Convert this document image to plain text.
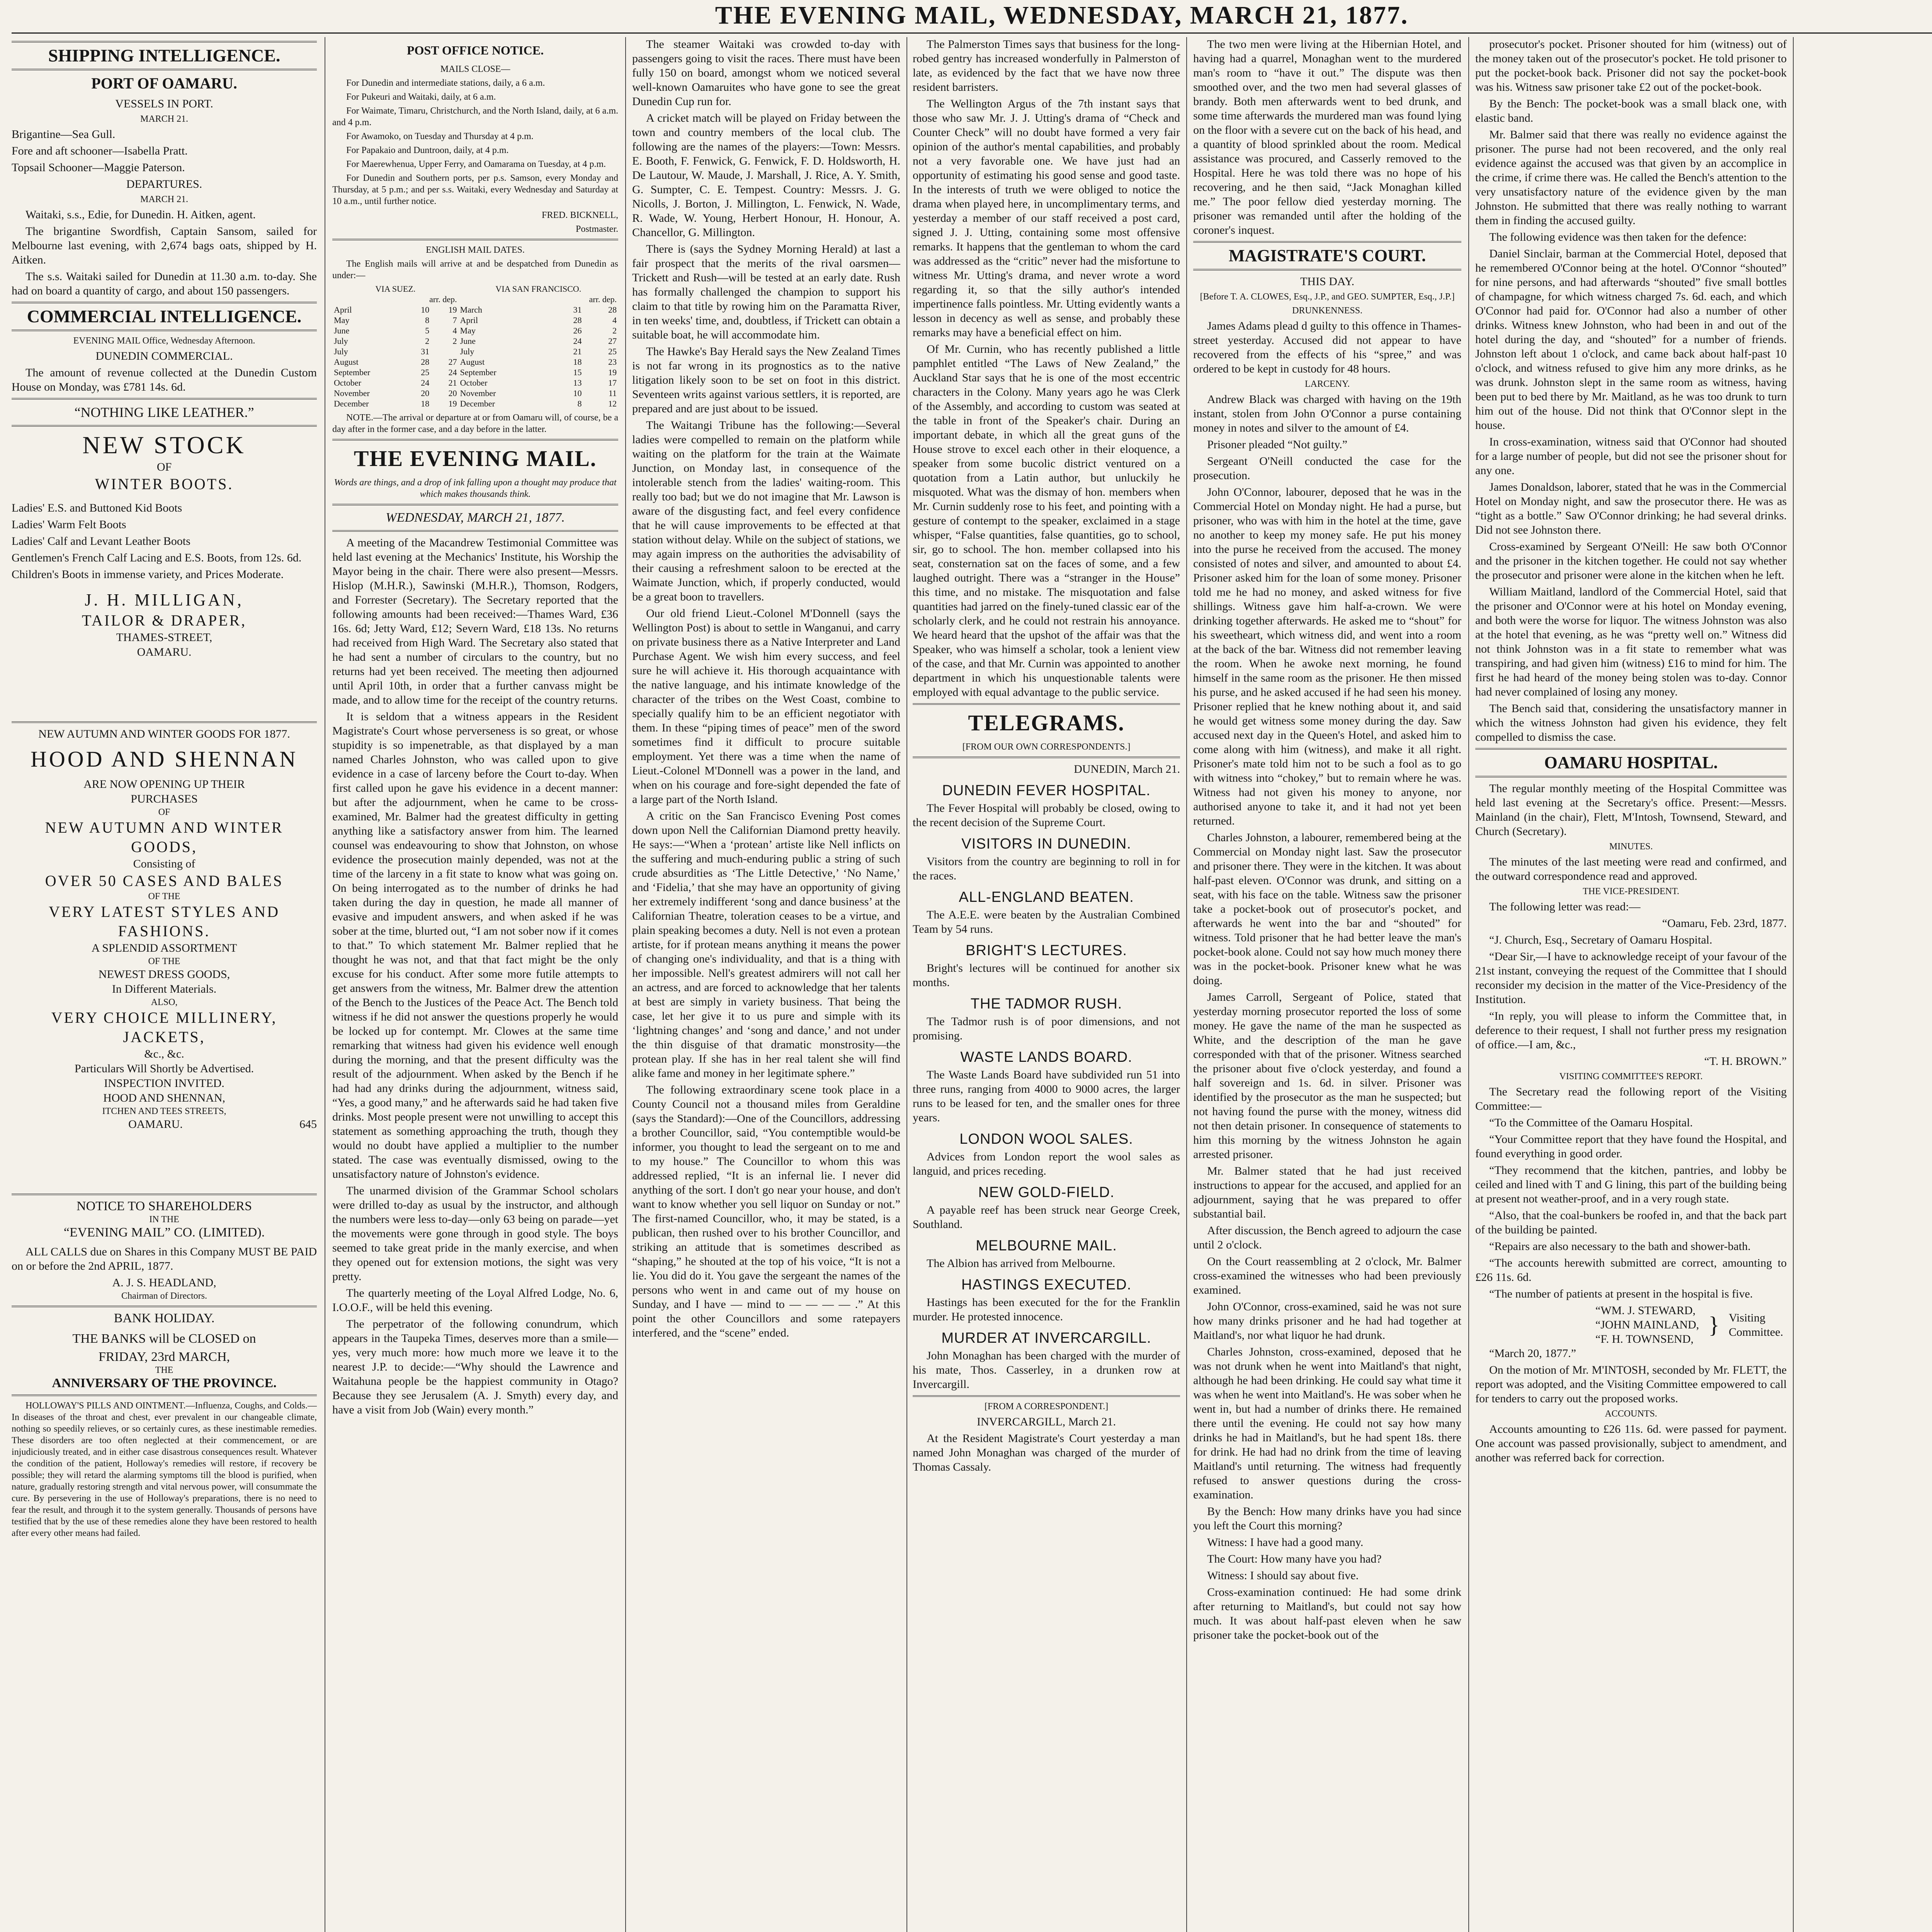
THE EVENING MAIL, WEDNESDAY, MARCH 21, 1877.
SHIPPING INTELLIGENCE.
PORT OF OAMARU.

VESSELS IN PORT.

MARCH 21.

Brigantine—Sea Gull.

Fore and aft schooner—Isabella Pratt.

Topsail Schooner—Maggie Paterson.

DEPARTURES.

MARCH 21.

Waitaki, s.s., Edie, for Dunedin. H. Aitken, agent.

The brigantine Swordfish, Captain Sansom, sailed for Melbourne last evening, with 2,674 bags oats, shipped by H. Aitken.

The s.s. Waitaki sailed for Dunedin at 11.30 a.m. to-day. She had on board a quantity of cargo, and about 150 passengers.

COMMERCIAL INTELLIGENCE.

EVENING MAIL Office, Wednesday Afternoon.

DUNEDIN COMMERCIAL.

The amount of revenue collected at the Dunedin Custom House on Monday, was £781 14s. 6d.

“NOTHING LIKE LEATHER.”

NEW STOCK
OF
WINTER BOOTS.

Ladies' E.S. and Buttoned Kid Boots

Ladies' Warm Felt Boots

Ladies' Calf and Levant Leather Boots

Gentlemen's French Calf Lacing and E.S. Boots, from 12s. 6d.

Children's Boots in immense variety, and Prices Moderate.

J. H. MILLIGAN,
TAILOR & DRAPER,
THAMES-STREET,
OAMARU.
NEW AUTUMN AND WINTER GOODS FOR 1877.
HOOD AND SHENNAN
ARE NOW OPENING UP THEIR
PURCHASES
OF
NEW AUTUMN AND WINTER GOODS,
Consisting of
OVER 50 CASES AND BALES
OF THE
VERY LATEST STYLES AND FASHIONS.
A SPLENDID ASSORTMENT
OF THE
NEWEST DRESS GOODS,
In Different Materials.
ALSO,
VERY CHOICE MILLINERY, JACKETS,
&c., &c.
Particulars Will Shortly be Advertised.
INSPECTION INVITED.
HOOD AND SHENNAN,
ITCHEN AND TEES STREETS,
OAMARU.	645
NOTICE TO SHAREHOLDERS
IN THE
“EVENING MAIL” CO. (LIMITED).

ALL CALLS due on Shares in this Company MUST BE PAID on or before the 2nd APRIL, 1877.

A. J. S. HEADLAND,
Chairman of Directors.
BANK HOLIDAY.

THE BANKS will be CLOSED on

FRIDAY, 23rd MARCH,
THE
ANNIVERSARY OF THE PROVINCE.

HOLLOWAY'S PILLS AND OINTMENT.—Influenza, Coughs, and Colds.—In diseases of the throat and chest, ever prevalent in our changeable climate, nothing so speedily relieves, or so certainly cures, as these inestimable remedies. These disorders are too often neglected at their commencement, or are injudiciously treated, and in either case disastrous consequences result. Whatever the condition of the patient, Holloway's remedies will restore, if recovery be possible; they will retard the alarming symptoms till the blood is purified, when nature, gradually restoring strength and vital nervous power, will consummate the cure. By persevering in the use of Holloway's preparations, there is no need to fear the result, and through it to the system generally. Thousands of persons have testified that by the use of these remedies alone they have been restored to health after every other means had failed.

POST OFFICE NOTICE.

MAILS CLOSE—

For Dunedin and intermediate stations, daily, a 6 a.m.

For Pukeuri and Waitaki, daily, at 6 a.m.

For Waimate, Timaru, Christchurch, and the North Island, daily, at 6 a.m. and 4 p.m.

For Awamoko, on Tuesday and Thursday at 4 p.m.

For Papakaio and Duntroon, daily, at 4 p.m.

For Maerewhenua, Upper Ferry, and Oamarama on Tuesday, at 4 p.m.

For Dunedin and Southern ports, per p.s. Samson, every Monday and Thursday, at 5 p.m.; and per s.s. Waitaki, every Wednesday and Saturday at 10 a.m., until further notice.

FRED. BICKNELL,

Postmaster.

ENGLISH MAIL DATES.

The English mails will arrive at and be despatched from Dunedin as under:—

VIA SUEZ.			VIA SAN FRANCISCO.		
	arr. dep.			arr. dep.	
April	10	19	March	31	28
May	8	7	April	28	4
June	5	4	May	26	2
July	2	2	June	24	27
July	31		July	21	25
August	28	27	August	18	23
September	25	24	September	15	19
October	24	21	October	13	17
November	20	20	November	10	11
December	18	19	December	8	12

NOTE.—The arrival or departure at or from Oamaru will, of course, be a day after in the former case, and a day before in the latter.

THE EVENING MAIL.

Words are things, and a drop of ink falling upon a thought may produce that which makes thousands think.

WEDNESDAY, MARCH 21, 1877.

A meeting of the Macandrew Testimonial Committee was held last evening at the Mechanics' Institute, his Worship the Mayor being in the chair. There were also present—Messrs. Hislop (M.H.R.), Sawinski (M.H.R.), Thomson, Rodgers, and Forrester (Secretary). The Secretary reported that the following amounts had been received:—Thames Ward, £36 16s. 6d; Jetty Ward, £12; Severn Ward, £18 13s. No returns had received from High Ward. The Secretary also stated that he had sent a number of circulars to the country, but no returns had yet been received. The meeting then adjourned until April 10th, in order that a further canvass might be made, and to allow time for the receipt of the country returns.

It is seldom that a witness appears in the Resident Magistrate's Court whose perverseness is so great, or whose stupidity is so impenetrable, as that displayed by a man named Charles Johnston, who was called upon to give evidence in a case of larceny before the Court to-day. When first called upon he gave his evidence in a decent manner: but after the adjournment, when he came to be cross-examined, Mr. Balmer had the greatest difficulty in getting anything like a satisfactory answer from him. The learned counsel was endeavouring to show that Johnston, on whose evidence the prosecution mainly depended, was not at the time of the larceny in a fit state to know what was going on. On being interrogated as to the number of drinks he had taken during the day in question, he made all manner of evasive and impudent answers, and when asked if he was sober at the time, blurted out, “I am not sober now if it comes to that.” To which statement Mr. Balmer replied that he thought he was not, and that that fact might be the only excuse for his conduct. After some more futile attempts to get answers from the witness, Mr. Balmer drew the attention of the Bench to the Justices of the Peace Act. The Bench told witness if he did not answer the questions properly he would be locked up for contempt. Mr. Clowes at the same time remarking that witness had given his evidence well enough during the morning, and that the present difficulty was the result of the adjournment. When asked by the Bench if he had had any drinks during the adjournment, witness said, “Yes, a good many,” and he afterwards said he had taken five drinks. Most people present were not unwilling to accept this statement as something approaching the truth, though they would no doubt have applied a multiplier to the number stated. The case was eventually dismissed, owing to the unsatisfactory nature of Johnston's evidence.

The unarmed division of the Grammar School scholars were drilled to-day as usual by the instructor, and although the numbers were less to-day—only 63 being on parade—yet the movements were gone through in good style. The boys seemed to take great pride in the manly exercise, and when they opened out for extension motions, the sight was very pretty.

The quarterly meeting of the Loyal Alfred Lodge, No. 6, I.O.O.F., will be held this evening.

The perpetrator of the following conundrum, which appears in the Taupeka Times, deserves more than a smile—yes, very much more: how much more we leave it to the nearest J.P. to decide:—“Why should the Lawrence and Waitahuna people be the happiest community in Otago? Because they see Jerusalem (A. J. Smyth) every day, and have a visit from Job (Wain) every month.”

The steamer Waitaki was crowded to-day with passengers going to visit the races. There must have been fully 150 on board, amongst whom we noticed several well-known Oamaruites who have gone to see the great Dunedin Cup run for.

A cricket match will be played on Friday between the town and country members of the local club. The following are the names of the players:—Town: Messrs. E. Booth, F. Fenwick, G. Fenwick, F. D. Holdsworth, H. De Lautour, W. Maude, J. Marshall, J. Rice, A. Y. Smith, G. Sumpter, C. E. Tempest. Country: Messrs. J. G. Nicolls, J. Borton, J. Millington, L. Fenwick, N. Wade, R. Wade, W. Young, Herbert Honour, H. Honour, A. Chancellor, G. Millington.

There is (says the Sydney Morning Herald) at last a fair prospect that the merits of the rival oarsmen—Trickett and Rush—will be tested at an early date. Rush has formally challenged the champion to support his claim to that title by rowing him on the Paramatta River, in ten weeks' time, and, doubtless, if Trickett can obtain a suitable boat, he will accommodate him.

The Hawke's Bay Herald says the New Zealand Times is not far wrong in its prognostics as to the native litigation likely soon to be set on foot in this district. Seventeen writs against various settlers, it is reported, are prepared and are just about to be issued.

The Waitangi Tribune has the following:—Several ladies were compelled to remain on the platform while waiting on the platform for the train at the Waimate Junction, on Monday last, in consequence of the intolerable stench from the ladies' waiting-room. This really too bad; but we do not imagine that Mr. Lawson is aware of the disgusting fact, and feel every confidence that he will cause improvements to be effected at that station without delay. While on the subject of stations, we may again impress on the authorities the advisability of their causing a refreshment saloon to be erected at the Waimate Junction, which, if properly conducted, would be a great boon to travellers.

Our old friend Lieut.-Colonel M'Donnell (says the Wellington Post) is about to settle in Wanganui, and carry on private business there as a Native Interpreter and Land Purchase Agent. We wish him every success, and feel sure he will achieve it. His thorough acquaintance with the native language, and his intimate knowledge of the character of the tribes on the West Coast, combine to specially qualify him to be an efficient negotiator with them. In these “piping times of peace” men of the sword sometimes find it difficult to procure suitable employment. Yet there was a time when the name of Lieut.-Colonel M'Donnell was a power in the land, and when on his courage and fore-sight depended the fate of a large part of the North Island.

A critic on the San Francisco Evening Post comes down upon Nell the Californian Diamond pretty heavily. He says:—“When a ‘protean’ artiste like Nell inflicts on the suffering and much-enduring public a string of such crude absurdities as ‘The Little Detective,’ ‘No Name,’ and ‘Fidelia,’ that she may have an opportunity of giving her extremely indifferent ‘song and dance business’ at the Californian Theatre, toleration ceases to be a virtue, and plain speaking becomes a duty. Nell is not even a protean artiste, for if protean means anything it means the power of changing one's individuality, and that is a thing with her impossible. Nell's greatest admirers will not call her an actress, and are forced to acknowledge that her talents at best are simply in variety business. That being the case, let her give it to us pure and simple with its ‘lightning changes’ and ‘song and dance,’ and not under the thin disguise of that dramatic monstrosity—the protean play. If she has in her real talent she will find alike fame and money in her legitimate sphere.”

The following extraordinary scene took place in a County Council not a thousand miles from Geraldine (says the Standard):—One of the Councillors, addressing a brother Councillor, said, “You contemptible would-be informer, you thought to lead the sergeant on to me and to my house.” The Councillor to whom this was addressed replied, “It is an infernal lie. I never did anything of the sort. I don't go near your house, and don't want to know whether you sell liquor on Sunday or not.” The first-named Councillor, who, it may be stated, is a publican, then rushed over to his brother Councillor, and striking an attitude that is sometimes described as “shaping,” he shouted at the top of his voice, “It is not a lie. You did do it. You gave the sergeant the names of the persons who went in and came out of my house on Sunday, and I have — mind to — — — — .” At this point the other Councillors and some ratepayers interfered, and the “scene” ended.

The Palmerston Times says that business for the long-robed gentry has increased wonderfully in Palmerston of late, as evidenced by the fact that we have now three resident barristers.

The Wellington Argus of the 7th instant says that those who saw Mr. J. J. Utting's drama of “Check and Counter Check” will no doubt have formed a very fair opinion of the author's mental capabilities, and probably not a very favorable one. We have just had an opportunity of estimating his good sense and good taste. In the interests of truth we were obliged to notice the drama when played here, in uncomplimentary terms, and yesterday a member of our staff received a post card, signed J. J. Utting, containing some most offensive remarks. It happens that the gentleman to whom the card was addressed as the “critic” never had the misfortune to witness Mr. Utting's drama, and never wrote a word regarding it, so that the silly author's intended impertinence falls pointless. Mr. Utting evidently wants a lesson in decency as well as sense, and probably these remarks may have a beneficial effect on him.

Of Mr. Curnin, who has recently published a little pamphlet entitled “The Laws of New Zealand,” the Auckland Star says that he is one of the most eccentric characters in the Colony. Many years ago he was Clerk of the Assembly, and according to custom was seated at the table in front of the Speaker's chair. During an important debate, in which all the great guns of the House strove to excel each other in their eloquence, a speaker from some bucolic district ventured on a quotation from a Latin author, but unluckily he misquoted. What was the dismay of hon. members when Mr. Curnin suddenly rose to his feet, and pointing with a gesture of contempt to the speaker, exclaimed in a stage whisper, “False quantities, false quantities, go to school, sir, go to school. The hon. member collapsed into his seat, consternation sat on the faces of some, and a few laughed outright. There was a “stranger in the House” this time, and no mistake. The misquotation and false quantities had jarred on the finely-tuned classic ear of the scholarly clerk, and he could not restrain his annoyance. We heard heard that the upshot of the affair was that the Speaker, who was himself a scholar, took a lenient view of the case, and that Mr. Curnin was appointed to another department in which his unquestionable talents were employed with equal advantage to the public service.

TELEGRAMS.

[FROM OUR OWN CORRESPONDENTS.]

DUNEDIN, March 21.

DUNEDIN FEVER HOSPITAL.

The Fever Hospital will probably be closed, owing to the recent decision of the Supreme Court.

VISITORS IN DUNEDIN.

Visitors from the country are beginning to roll in for the races.

ALL-ENGLAND BEATEN.

The A.E.E. were beaten by the Australian Combined Team by 54 runs.

BRIGHT'S LECTURES.

Bright's lectures will be continued for another six months.

THE TADMOR RUSH.

The Tadmor rush is of poor dimensions, and not promising.

WASTE LANDS BOARD.

The Waste Lands Board have subdivided run 51 into three runs, ranging from 4000 to 9000 acres, the larger runs to be leased for ten, and the smaller ones for three years.

LONDON WOOL SALES.

Advices from London report the wool sales as languid, and prices receding.

NEW GOLD-FIELD.

A payable reef has been struck near George Creek, Southland.

MELBOURNE MAIL.

The Albion has arrived from Melbourne.

HASTINGS EXECUTED.

Hastings has been executed for the for the Franklin murder. He protested innocence.

MURDER AT INVERCARGILL.

John Monaghan has been charged with the murder of his mate, Thos. Casserley, in a drunken row at Invercargill.

[FROM A CORRESPONDENT.]

INVERCARGILL, March 21.

At the Resident Magistrate's Court yesterday a man named John Monaghan was charged of the murder of Thomas Cassaly.

The two men were living at the Hibernian Hotel, and having had a quarrel, Monaghan went to the murdered man's room to “have it out.” The dispute was then smoothed over, and the two men had several glasses of brandy. Both men afterwards went to bed drunk, and some time afterwards the murdered man was found lying on the floor with a severe cut on the back of his head, and a quantity of blood sprinkled about the room. Medical assistance was procured, and Casserly removed to the Hospital. Here he was told there was no hope of his recovering, and he then said, “Jack Monaghan killed me.” The poor fellow died yesterday morning. The prisoner was remanded until after the holding of the coroner's inquest.

MAGISTRATE'S COURT.

THIS DAY.

[Before T. A. CLOWES, Esq., J.P., and GEO. SUMPTER, Esq., J.P.]

DRUNKENNESS.

James Adams plead d guilty to this offence in Thames-street yesterday. Accused did not appear to have recovered from the effects of his “spree,” and was ordered to be kept in custody for 48 hours.

LARCENY.

Andrew Black was charged with having on the 19th instant, stolen from John O'Connor a purse containing money in notes and silver to the amount of £4.

Prisoner pleaded “Not guilty.”

Sergeant O'Neill conducted the case for the prosecution.

John O'Connor, labourer, deposed that he was in the Commercial Hotel on Monday night. He had a purse, but prisoner, who was with him in the hotel at the time, gave no another to keep my money safe. He put his money into the purse he received from the accused. The money consisted of notes and silver, and amounted to about £4. Prisoner asked him for the loan of some money. Prisoner told me he had no money, and asked witness for five shillings. Witness gave him half-a-crown. We were drinking together afterwards. He asked me to “shout” for his sweetheart, which witness did, and went into a room at the back of the bar. Witness did not remember leaving the room. When he awoke next morning, he found himself in the same room as the prisoner. He then missed his purse, and he asked accused if he had seen his money. Prisoner replied that he knew nothing about it, and said he would get witness some money during the day. Saw accused next day in the Queen's Hotel, and asked him to come along with him (witness), and make it all right. Prisoner's mate told him not to be such a fool as to go with witness into “chokey,” but to remain where he was. Witness had not given his money to anyone, nor authorised anyone to take it, and it had not yet been returned.

Charles Johnston, a labourer, remembered being at the Commercial on Monday night last. Saw the prosecutor and prisoner there. They were in the kitchen. It was about half-past eleven. O'Connor was drunk, and sitting on a seat, with his face on the table. Witness saw the prisoner take a pocket-book out of prosecutor's pocket, and afterwards he went into the bar and “shouted” for witness. Told prisoner that he had better leave the man's pocket-book alone. Could not say how much money there was in the pocket-book. Prisoner knew what he was doing.

James Carroll, Sergeant of Police, stated that yesterday morning prosecutor reported the loss of some money. He gave the name of the man he suspected as White, and the description of the man he gave corresponded with that of the prisoner. Witness searched the prisoner about five o'clock yesterday, and found a half sovereign and 1s. 6d. in silver. Prisoner was identified by the prosecutor as the man he suspected; but not having found the purse with the money, witness did not then detain prisoner. In consequence of statements to him this morning by the witness Johnston he again arrested prisoner.

Mr. Balmer stated that he had just received instructions to appear for the accused, and applied for an adjournment, saying that he was prepared to offer substantial bail.

After discussion, the Bench agreed to adjourn the case until 2 o'clock.

On the Court reassembling at 2 o'clock, Mr. Balmer cross-examined the witnesses who had been previously examined.

John O'Connor, cross-examined, said he was not sure how many drinks prisoner and he had had together at Maitland's, nor what liquor he had drunk.

Charles Johnston, cross-examined, deposed that he was not drunk when he went into Maitland's that night, although he had been drinking. He could say what time it was when he went into Maitland's. He was sober when he went in, but had a number of drinks there. He remained there until the evening. He could not say how many drinks he had in Maitland's, but he had spent 18s. there for drink. He had had no drink from the time of leaving Maitland's until returning. The witness had frequently refused to answer questions during the cross-examination.

By the Bench: How many drinks have you had since you left the Court this morning?

Witness: I have had a good many.

The Court: How many have you had?

Witness: I should say about five.

Cross-examination continued: He had some drink after returning to Maitland's, but could not say how much. It was about half-past eleven when he saw prisoner take the pocket-book out of the

prosecutor's pocket. Prisoner shouted for him (witness) out of the money taken out of the prosecutor's pocket. He told prisoner to put the pocket-book back. Prisoner did not say the pocket-book was his. Witness saw prisoner take £2 out of the pocket-book.

By the Bench: The pocket-book was a small black one, with elastic band.

Mr. Balmer said that there was really no evidence against the prisoner. The purse had not been recovered, and the only real evidence against the accused was that given by an accomplice in the crime, if crime there was. He called the Bench's attention to the very unsatisfactory nature of the evidence given by the man Johnston. He submitted that there was really nothing to warrant them in finding the accused guilty.

The following evidence was then taken for the defence:

Daniel Sinclair, barman at the Commercial Hotel, deposed that he remembered O'Connor being at the hotel. O'Connor “shouted” for nine persons, and had afterwards “shouted” five small bottles of champagne, for which witness charged 7s. 6d. each, and which O'Connor had paid for. O'Connor had also a number of other drinks. Witness knew Johnston, who had been in and out of the hotel during the day, and “shouted” for a number of friends. Johnston left about 1 o'clock, and came back about half-past 10 o'clock, and witness refused to give him any more drinks, as he was drunk. Johnston slept in the same room as witness, having been put to bed there by Mr. Maitland, as he was too drunk to turn him out of the house. Did not think that O'Connor slept in the house.

In cross-examination, witness said that O'Connor had shouted for a large number of people, but did not see the prisoner shout for any one.

James Donaldson, laborer, stated that he was in the Commercial Hotel on Monday night, and saw the prosecutor there. He was as “tight as a bottle.” Saw O'Connor drinking; he had several drinks. Did not see Johnston there.

Cross-examined by Sergeant O'Neill: He saw both O'Connor and the prisoner in the kitchen together. He could not say whether the prosecutor and prisoner were alone in the kitchen when he left.

William Maitland, landlord of the Commercial Hotel, said that the prisoner and O'Connor were at his hotel on Monday evening, and both were the worse for liquor. The witness Johnston was also at the hotel that evening, as he was “pretty well on.” Witness did not think Johnston was in a fit state to remember what was transpiring, and had given him (witness) £16 to mind for him. The first he had heard of the money being stolen was to-day. Connor had never complained of losing any money.

The Bench said that, considering the unsatisfactory manner in which the witness Johnston had given his evidence, they felt compelled to dismiss the case.

OAMARU HOSPITAL.

The regular monthly meeting of the Hospital Committee was held last evening at the Secretary's office. Present:—Messrs. Mainland (in the chair), Flett, M'Intosh, Townsend, Steward, and Church (Secretary).

MINUTES.

The minutes of the last meeting were read and confirmed, and the outward correspondence read and approved.

THE VICE-PRESIDENT.

The following letter was read:—

“Oamaru, Feb. 23rd, 1877.

“J. Church, Esq., Secretary of Oamaru Hospital.

“Dear Sir,—I have to acknowledge receipt of your favour of the 21st instant, conveying the request of the Committee that I should reconsider my decision in the matter of the Vice-Presidency of the Institution.

“In reply, you will please to inform the Committee that, in deference to their request, I shall not further press my resignation of office.—I am, &c.,

“T. H. BROWN.”

VISITING COMMITTEE'S REPORT.

The Secretary read the following report of the Visiting Committee:—

“To the Committee of the Oamaru Hospital.

“Your Committee report that they have found the Hospital, and found everything in good order.

“They recommend that the kitchen, pantries, and lobby be ceiled and lined with T and G lining, this part of the building being at present not weather-proof, and in a very rough state.

“Also, that the coal-bunkers be roofed in, and that the back part of the building be painted.

“Repairs are also necessary to the bath and shower-bath.

“The accounts herewith submitted are correct, amounting to £26 11s. 6d.

“The number of patients at present in the hospital is five.

“WM. J. STEWARD,
“JOHN MAINLAND,
“F. H. TOWNSEND,
} Visiting Committee.

“March 20, 1877.”

On the motion of Mr. M'INTOSH, seconded by Mr. FLETT, the report was adopted, and the Visiting Committee empowered to call for tenders to carry out the proposed works.

ACCOUNTS.

Accounts amounting to £26 11s. 6d. were passed for payment. One account was passed provisionally, subject to amendment, and another was referred back for correction.
